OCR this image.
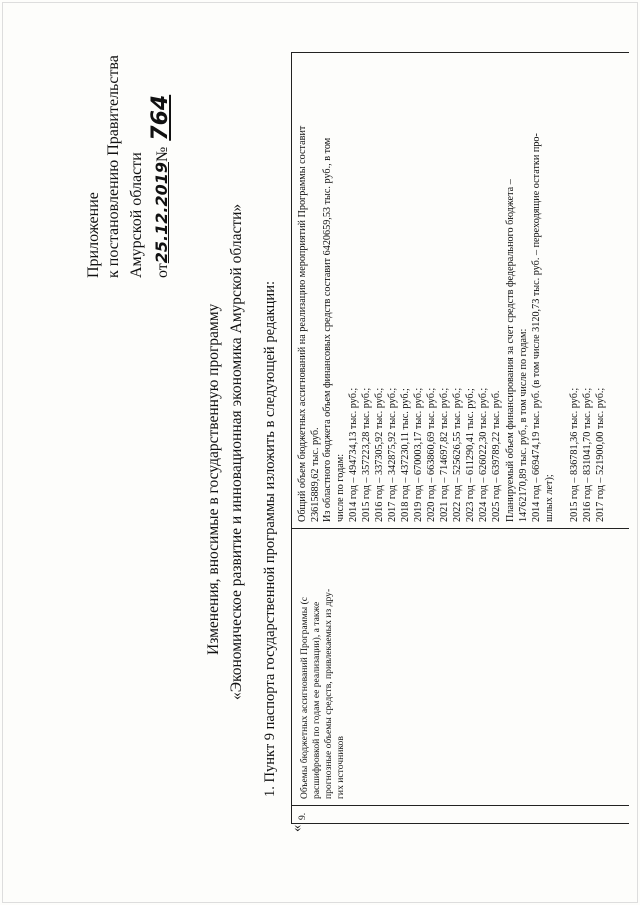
Приложение к постановлению Правительства Амурской области от25.12.2019№764
Изменения, вносимые в государственную программу «Экономическое развитие и инновационная экономика Амурской области» 1. Пункт 9 паспорта государственной программы изложить в следующей редакции:
«
9.
Объемы бюджетных ассигнований Программы (с расшифровкой по годам ее реализации), а также прогнозные объемы средств, привлекаемых из дру- гих источников
Общий объем бюджетных ассигнований на реализацию мероприятий Программы составит 23615889,62 тыс. руб. Из областного бюджета объем финансовых средств составит 6420659,53 тыс. руб., в том числе по годам: 2014 год – 494734,13 тыс. руб.; 2015 год – 357223,28 тыс. руб.; 2016 год – 337305,92 тыс. руб.; 2017 год – 342875,92 тыс. руб.; 2018 год – 437230,11 тыс. руб.; 2019 год – 670003,17 тыс. руб.; 2020 год – 663860,69 тыс. руб.; 2021 год – 714697,82 тыс. руб.; 2022 год – 525626,55 тыс. руб.; 2023 год – 611290,41 тыс. руб.; 2024 год – 626022,30 тыс. руб.; 2025 год – 639789,22 тыс. руб. Планируемый объем финансирования за счет средств федерального бюджета – 14762170,89 тыс. руб., в том числе по годам: 2014 год – 669474,19 тыс. руб. (в том числе 3120,73 тыс. руб. – переходящие остатки про- шлых лет); 2015 год – 836781,36 тыс. руб.; 2016 год – 831041,70 тыс. руб.; 2017 год – 521900,00 тыс. руб.;
